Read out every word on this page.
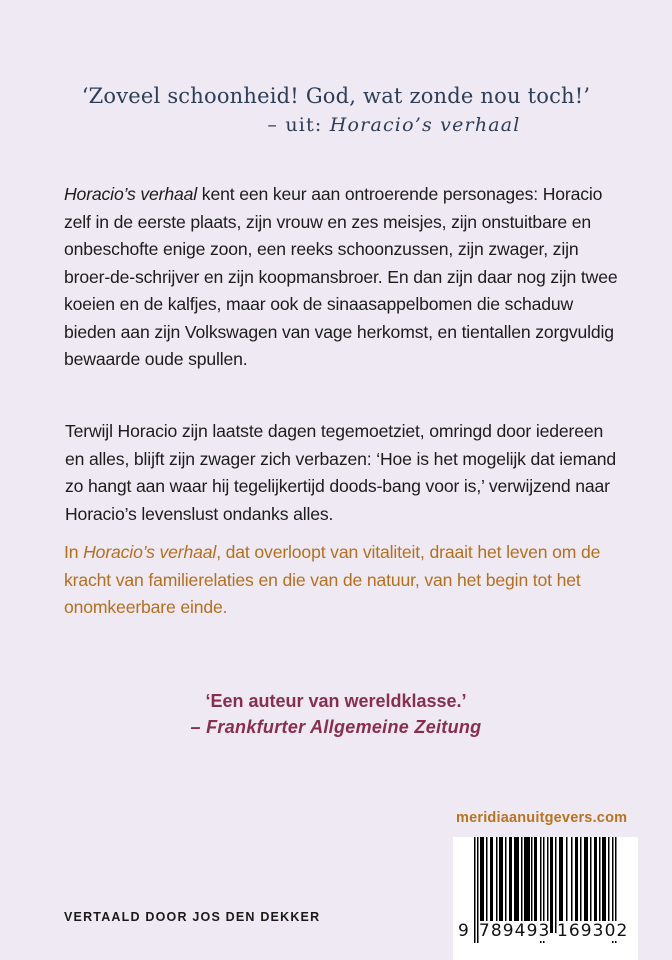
‘Zoveel schoonheid! God, wat zonde nou toch!’
– uit: Horacio’s verhaal

Horacio’s verhaal kent een keur aan ontroerende personages: Horacio zelf in de eerste plaats, zijn vrouw en zes meisjes, zijn onstuitbare en onbeschofte enige zoon, een reeks schoonzussen, zijn zwager, zijn broer-de-schrijver en zijn koopmansbroer. En dan zijn daar nog zijn twee koeien en de kalfjes, maar ook de sinaasappelbomen die schaduw bieden aan zijn Volkswagen van vage herkomst, en tientallen zorgvuldig bewaarde oude spullen.

Terwijl Horacio zijn laatste dagen tegemoetziet, omringd door iedereen en alles, blijft zijn zwager zich verbazen: ‘Hoe is het mogelijk dat iemand zo hangt aan waar hij tegelijkertijd doods-bang voor is,’ verwijzend naar Horacio’s levenslust ondanks alles.

In Horacio’s verhaal, dat overloopt van vitaliteit, draait het leven om de kracht van familierelaties en die van de natuur, van het begin tot het onomkeerbare einde.

‘Een auteur van wereldklasse.’
– Frankfurter Allgemeine Zeitung
meridiaanuitgevers.com
VERTAALD DOOR JOS DEN DEKKER
9 789493 169302
